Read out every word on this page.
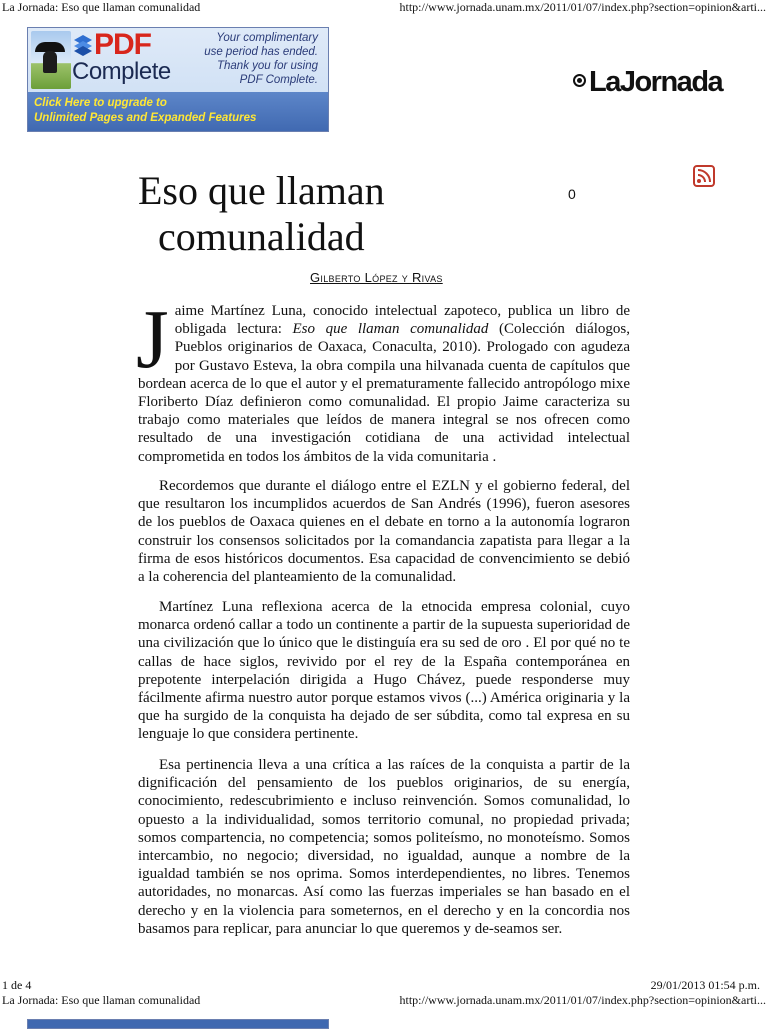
La Jornada: Eso que llaman comunalidad	http://www.jornada.unam.mx/2011/01/07/index.php?section=opinion&arti...
PDF
Complete
Your complimentary
use period has ended.
Thank you for using
PDF Complete.
Click Here to upgrade to
Unlimited Pages and Expanded Features
LaJornada
Eso que llaman
comunalidad
0
Gilberto López y Rivas
Jaime Martínez Luna, conocido intelectual zapoteco, publica un libro de obligada lectura: Eso que llaman comunalidad (Colección diálogos, Pueblos originarios de Oaxaca, Conaculta, 2010). Prologado con agudeza por Gustavo Esteva, la obra compila una hilvanada cuenta de capítulos que bordean acerca de lo que el autor y el prematuramente fallecido antropólogo mixe Floriberto Díaz definieron como comunalidad. El propio Jaime caracteriza su trabajo como materiales que leídos de manera integral se nos ofrecen como resultado de una investigación cotidiana de una actividad intelectual comprometida en todos los ámbitos de la vida comunitaria .
Recordemos que durante el diálogo entre el EZLN y el gobierno federal, del que resultaron los incumplidos acuerdos de San Andrés (1996), fueron asesores de los pueblos de Oaxaca quienes en el debate en torno a la autonomía lograron construir los consensos solicitados por la comandancia zapatista para llegar a la firma de esos históricos documentos. Esa capacidad de convencimiento se debió a la coherencia del planteamiento de la comunalidad.
Martínez Luna reflexiona acerca de la etnocida empresa colonial, cuyo monarca ordenó callar a todo un continente a partir de la supuesta superioridad de una civilización que lo único que le distinguía era su sed de oro . El por qué no te callas de hace siglos, revivido por el rey de la España contemporánea en prepotente interpelación dirigida a Hugo Chávez, puede responderse muy fácilmente afirma nuestro autor porque estamos vivos (...) América originaria y la que ha surgido de la conquista ha dejado de ser súbdita, como tal expresa en su lenguaje lo que considera pertinente.
Esa pertinencia lleva a una crítica a las raíces de la conquista a partir de la dignificación del pensamiento de los pueblos originarios, de su energía, conocimiento, redescubrimiento e incluso reinvención. Somos comunalidad, lo opuesto a la individualidad, somos territorio comunal, no propiedad privada; somos compartencia, no competencia; somos politeísmo, no monoteísmo. Somos intercambio, no negocio; diversidad, no igualdad, aunque a nombre de la igualdad también se nos oprima. Somos interdependientes, no libres. Tenemos autoridades, no monarcas. Así como las fuerzas imperiales se han basado en el derecho y en la violencia para someternos, en el derecho y en la concordia nos basamos para replicar, para anunciar lo que queremos y de-seamos ser.
1 de 4	29/01/2013 01:54 p.m.
La Jornada: Eso que llaman comunalidad	http://www.jornada.unam.mx/2011/01/07/index.php?section=opinion&arti...
